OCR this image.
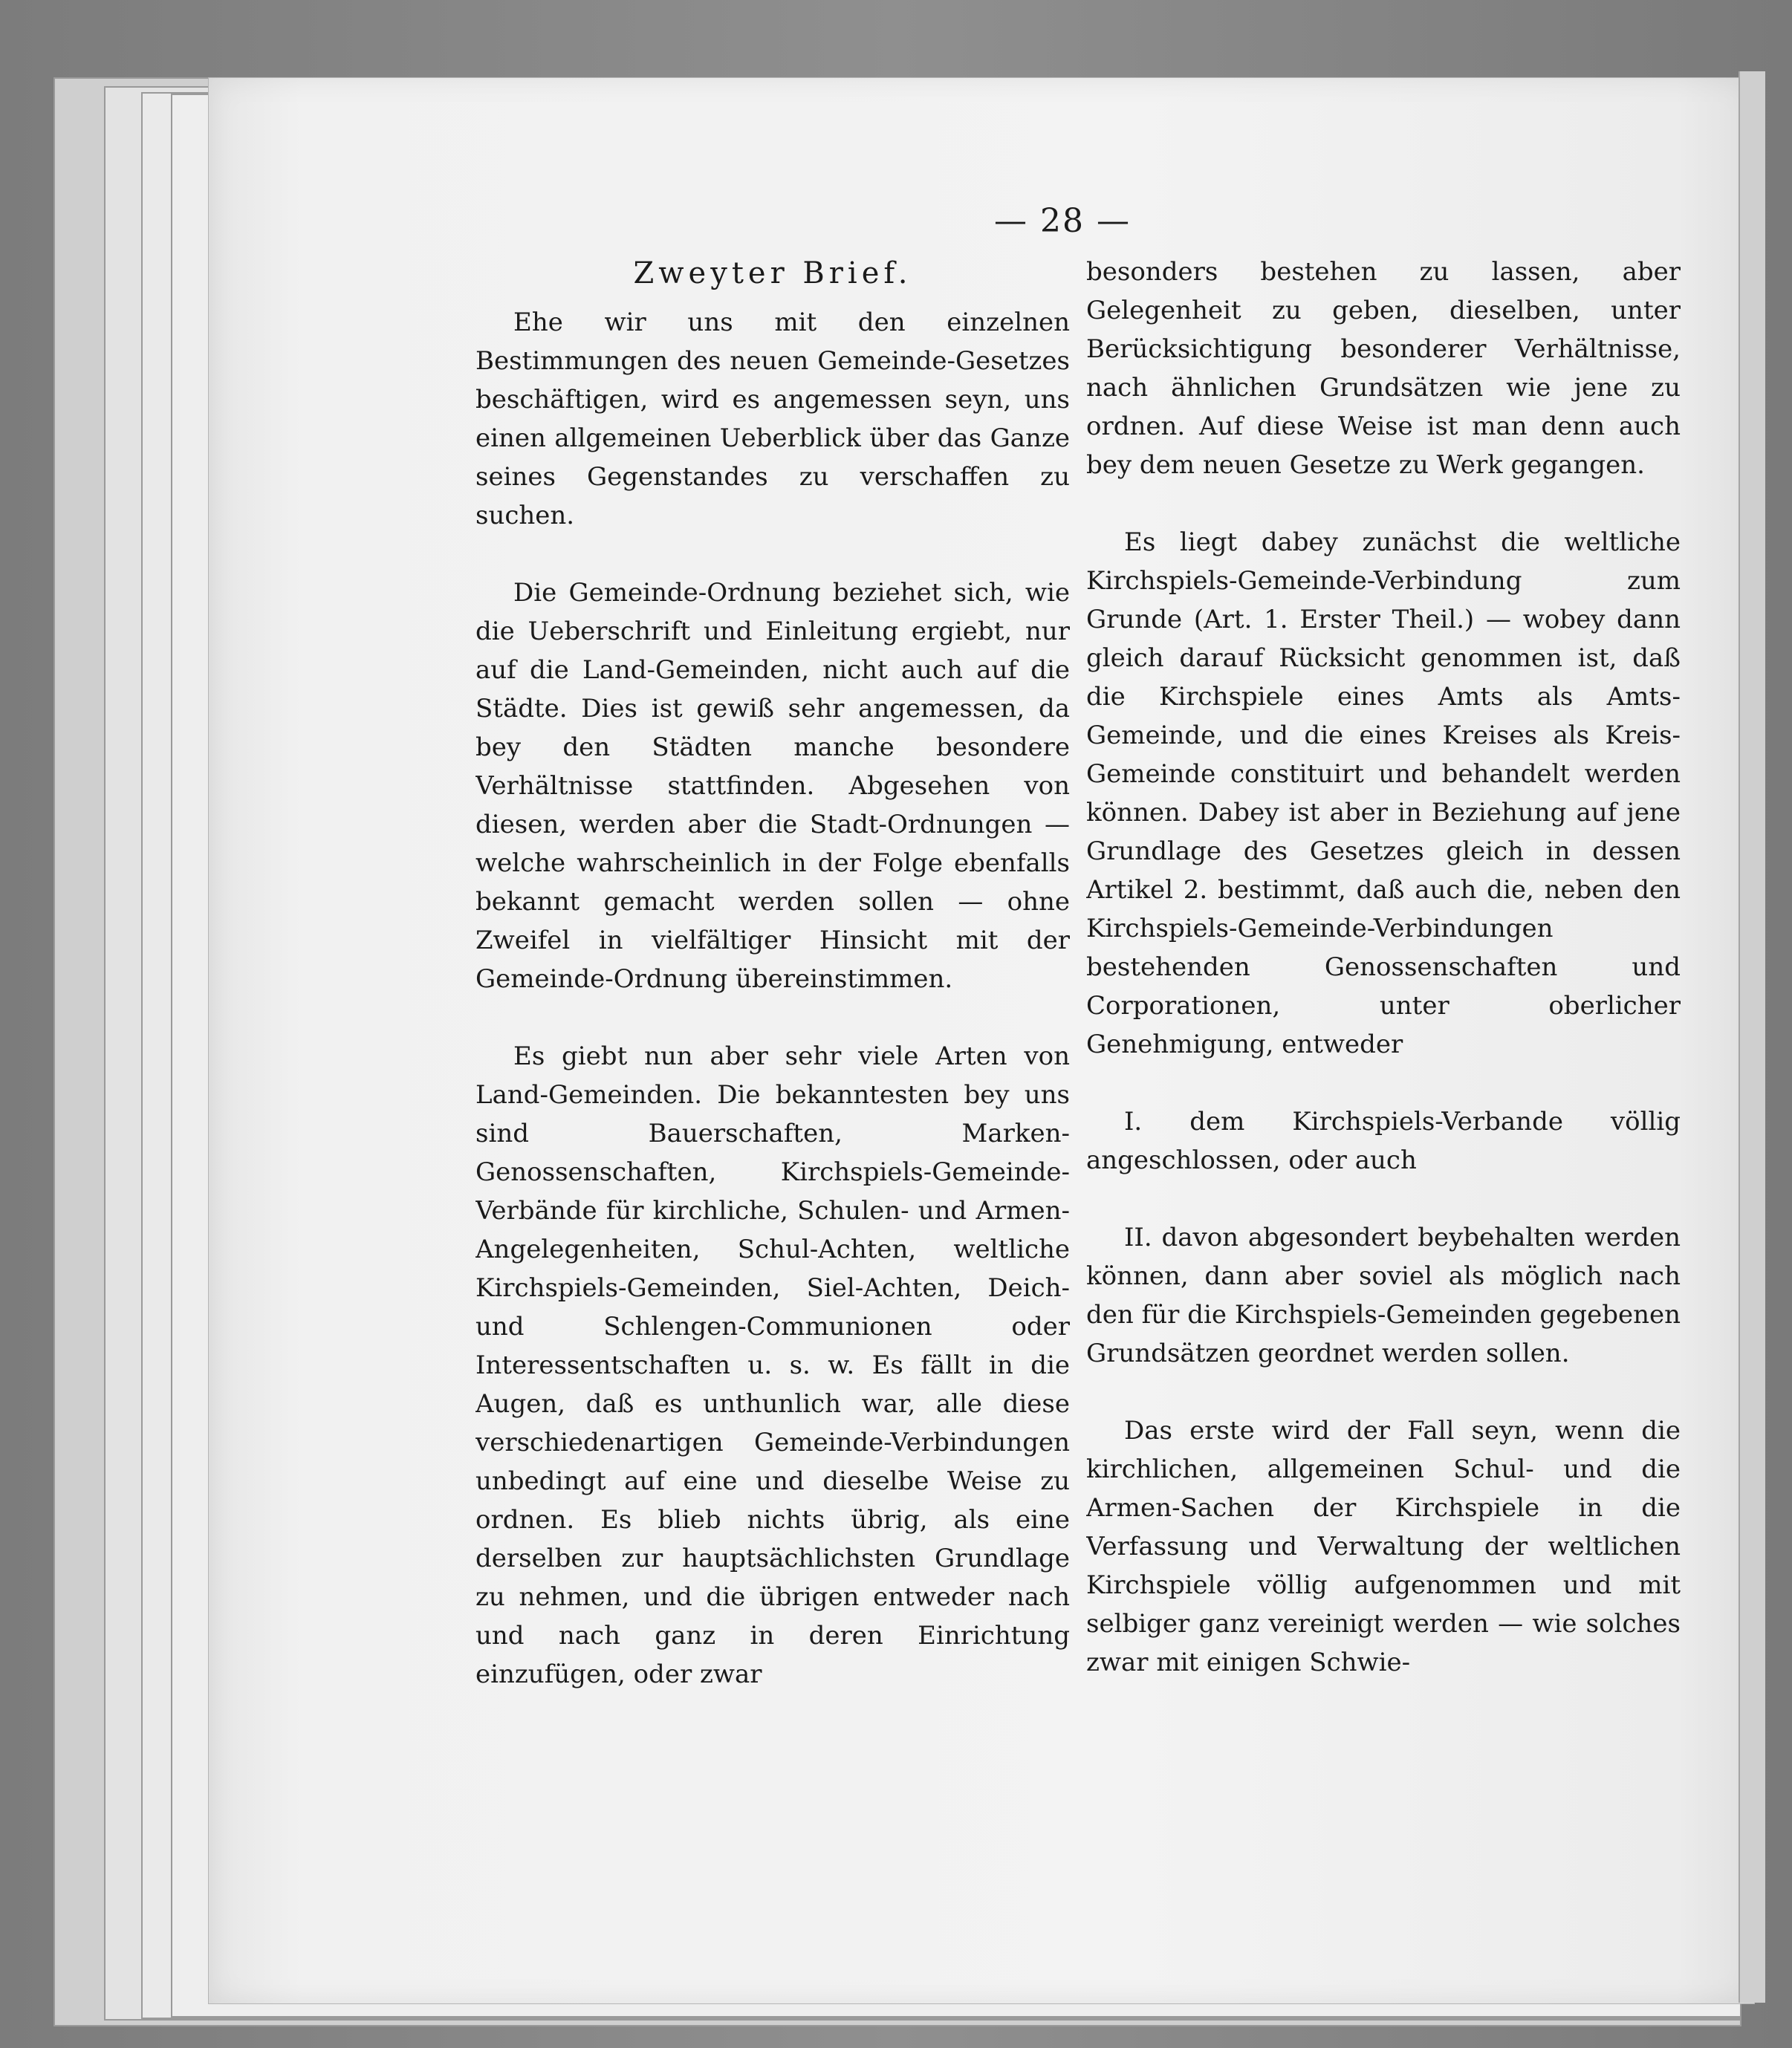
— 28 —
Zweyter Brief.

Ehe wir uns mit den einzelnen Bestimmungen des neuen Gemeinde-Gesetzes beschäftigen, wird es angemessen seyn, uns einen allgemeinen Ueberblick über das Ganze seines Gegenstandes zu verschaffen zu suchen.

Die Gemeinde-Ordnung beziehet sich, wie die Ueberschrift und Einleitung ergiebt, nur auf die Land-Gemeinden, nicht auch auf die Städte. Dies ist gewiß sehr angemessen, da bey den Städten manche besondere Verhältnisse stattfinden. Abgesehen von diesen, werden aber die Stadt-Ordnungen — welche wahrscheinlich in der Folge ebenfalls bekannt gemacht werden sollen — ohne Zweifel in vielfältiger Hinsicht mit der Gemeinde-Ordnung übereinstimmen.

Es giebt nun aber sehr viele Arten von Land-Gemeinden. Die bekanntesten bey uns sind Bauerschaften, Marken-Genossenschaften, Kirchspiels-Gemeinde-Verbände für kirchliche, Schulen- und Armen-Angelegenheiten, Schul-Achten, weltliche Kirchspiels-Gemeinden, Siel-Achten, Deich- und Schlengen-Communionen oder Interessentschaften u. s. w. Es fällt in die Augen, daß es unthunlich war, alle diese verschiedenartigen Gemeinde-Verbindungen unbedingt auf eine und dieselbe Weise zu ordnen. Es blieb nichts übrig, als eine derselben zur hauptsächlichsten Grundlage zu nehmen, und die übrigen entweder nach und nach ganz in deren Einrichtung einzufügen, oder zwar

besonders bestehen zu lassen, aber Gelegenheit zu geben, dieselben, unter Berücksichtigung besonderer Verhältnisse, nach ähnlichen Grundsätzen wie jene zu ordnen. Auf diese Weise ist man denn auch bey dem neuen Gesetze zu Werk gegangen.

Es liegt dabey zunächst die weltliche Kirchspiels-Gemeinde-Verbindung zum Grunde (Art. 1. Erster Theil.) — wobey dann gleich darauf Rücksicht genommen ist, daß die Kirchspiele eines Amts als Amts-Gemeinde, und die eines Kreises als Kreis-Gemeinde constituirt und behandelt werden können. Dabey ist aber in Beziehung auf jene Grundlage des Gesetzes gleich in dessen Artikel 2. bestimmt, daß auch die, neben den Kirchspiels-Gemeinde-Verbindungen bestehenden Genossenschaften und Corporationen, unter oberlicher Genehmigung, entweder

I. dem Kirchspiels-Verbande völlig angeschlossen, oder auch

II. davon abgesondert beybehalten werden können, dann aber soviel als möglich nach den für die Kirchspiels-Gemeinden gegebenen Grundsätzen geordnet werden sollen.

Das erste wird der Fall seyn, wenn die kirchlichen, allgemeinen Schul- und die Armen-Sachen der Kirchspiele in die Verfassung und Verwaltung der weltlichen Kirchspiele völlig aufgenommen und mit selbiger ganz vereinigt werden — wie solches zwar mit einigen Schwie-
